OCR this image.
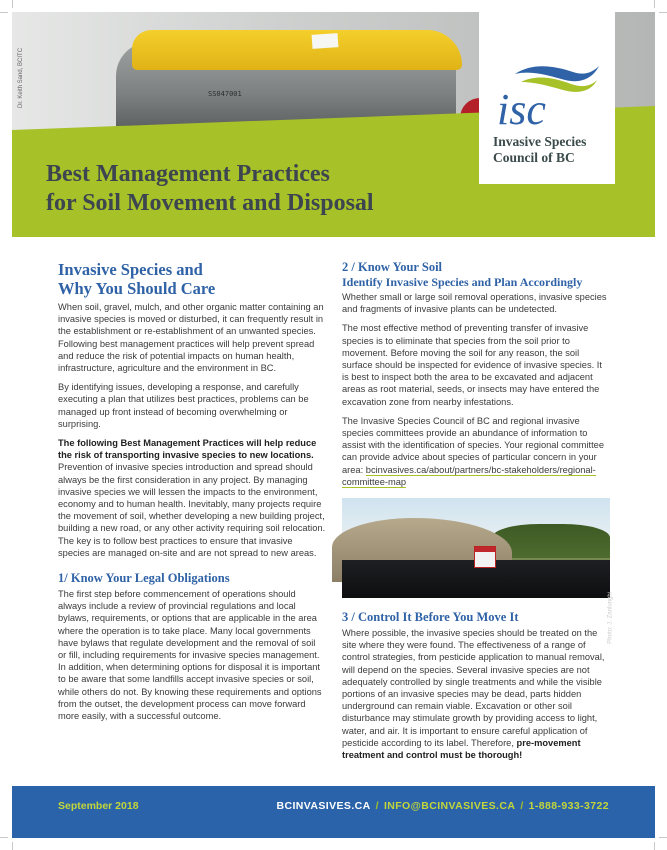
SS047001
Dr. Keith Sand, BCITC
Best Management Practices
for Soil Movement and Disposal
isc
Invasive Species
Council of BC
Invasive Species and
Why You Should Care

When soil, gravel, mulch, and other organic matter containing an invasive species is moved or disturbed, it can frequently result in the establishment or re-establishment of an unwanted species. Following best management practices will help prevent spread and reduce the risk of potential impacts on human health, infrastructure, agriculture and the environment in BC.

By identifying issues, developing a response, and carefully executing a plan that utilizes best practices, problems can be managed up front instead of becoming overwhelming or surprising.

The following Best Management Practices will help reduce the risk of transporting invasive species to new locations. Prevention of invasive species introduction and spread should always be the first consideration in any project. By managing invasive species we will lessen the impacts to the environment, economy and to human health. Inevitably, many projects require the movement of soil, whether developing a new building project, building a new road, or any other activity requiring soil relocation. The key is to follow best practices to ensure that invasive species are managed on-site and are not spread to new areas.

1/ Know Your Legal Obligations

The first step before commencement of operations should always include a review of provincial regulations and local bylaws, requirements, or options that are applicable in the area where the operation is to take place. Many local governments have bylaws that regulate development and the removal of soil or fill, including requirements for invasive species management. In addition, when determining options for disposal it is important to be aware that some landfills accept invasive species or soil, while others do not. By knowing these requirements and options from the outset, the development process can move forward more easily, with a successful outcome.

2 / Know Your Soil
Identify Invasive Species and Plan Accordingly

Whether small or large soil removal operations, invasive species and fragments of invasive plants can be undetected.

The most effective method of preventing transfer of invasive species is to eliminate that species from the soil prior to movement. Before moving the soil for any reason, the soil surface should be inspected for evidence of invasive species. It is best to inspect both the area to be excavated and adjacent areas as root material, seeds, or insects may have entered the excavation zone from nearby infestations.

The Invasive Species Council of BC and regional invasive species committees provide an abundance of information to assist with the identification of species. Your regional committee can provide advice about species of particular concern in your area: bcinvasives.ca/about/partners/bc-stakeholders/regional-committee-map

Photo: J. Zanlunghi
3 / Control It Before You Move It

Where possible, the invasive species should be treated on the site where they were found. The effectiveness of a range of control strategies, from pesticide application to manual removal, will depend on the species. Several invasive species are not adequately controlled by single treatments and while the visible portions of an invasive species may be dead, parts hidden underground can remain viable. Excavation or other soil disturbance may stimulate growth by providing access to light, water, and air. It is important to ensure careful application of pesticide according to its label. Therefore, pre-movement treatment and control must be thorough!

September 2018	BCINVASIVES.CA / INFO@BCINVASIVES.CA / 1-888-933-3722
